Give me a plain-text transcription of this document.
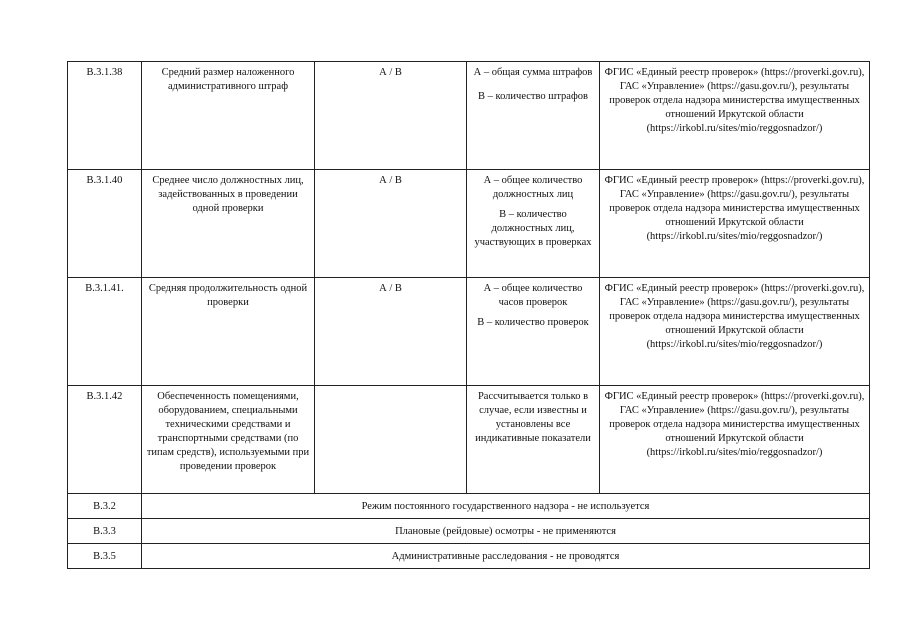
В.3.1.38	Средний размер наложенного административного штраф	А / В	А – общая сумма штрафов
В – количество штрафов	ФГИС «Единый реестр проверок» (https://proverki.gov.ru), ГАС «Управление» (https://gasu.gov.ru/), результаты проверок отдела надзора министерства имущественных отношений Иркутской области
(https://irkobl.ru/sites/mio/reggosnadzor/)

В.3.1.40	Среднее число должностных лиц, задействованных в проведении одной проверки	А / В	А – общее количество должностных лиц
В – количество должностных лиц, участвующих в проверках	ФГИС «Единый реестр проверок» (https://proverki.gov.ru), ГАС «Управление» (https://gasu.gov.ru/), результаты проверок отдела надзора министерства имущественных отношений Иркутской области
(https://irkobl.ru/sites/mio/reggosnadzor/)

В.3.1.41.	Средняя продолжительность одной проверки	А / В	А – общее количество часов проверок
В – количество проверок	ФГИС «Единый реестр проверок» (https://proverki.gov.ru), ГАС «Управление» (https://gasu.gov.ru/), результаты проверок отдела надзора министерства имущественных отношений Иркутской области
(https://irkobl.ru/sites/mio/reggosnadzor/)

В.3.1.42	Обеспеченность помещениями, оборудованием, специальными техническими средствами и транспортными средствами (по типам средств), используемыми при проведении проверок		Рассчитывается только в случае, если известны и установлены все индикативные показатели	ФГИС «Единый реестр проверок» (https://proverki.gov.ru), ГАС «Управление» (https://gasu.gov.ru/), результаты проверок отдела надзора министерства имущественных отношений Иркутской области
(https://irkobl.ru/sites/mio/reggosnadzor/)

В.3.2	Режим постоянного государственного надзора - не используется			
В.3.3	Плановые (рейдовые) осмотры - не применяются			
В.3.5	Административные расследования - не проводятся			
